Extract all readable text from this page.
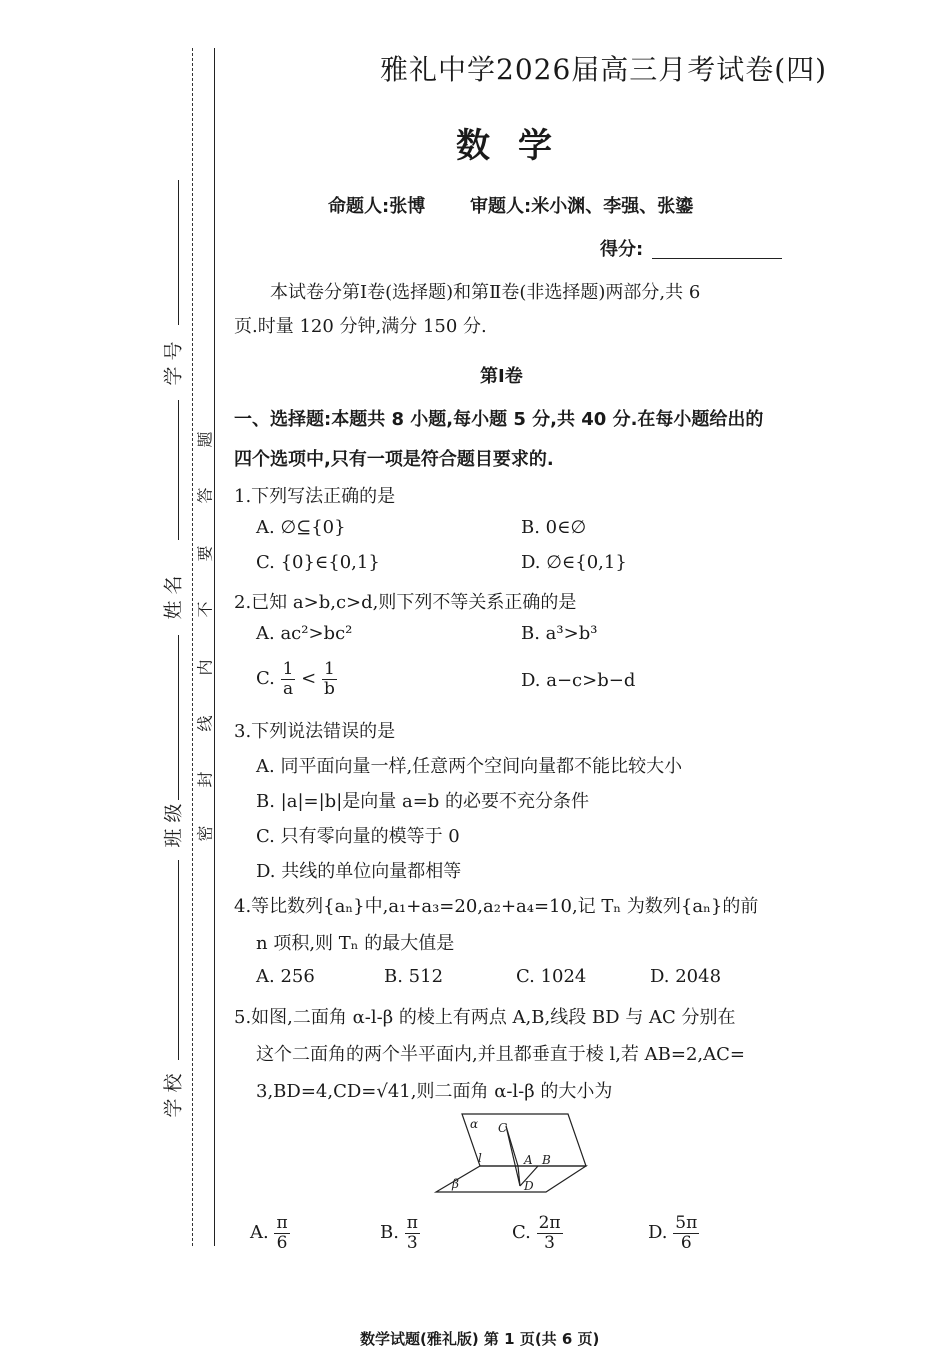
学 号
姓 名
班 级
学 校
密
封
线
内
不
要
答
题
雅礼中学2026届高三月考试卷(四)
数学
命题人:张博 审题人:米小渊、李强、张鎏
得分:
本试卷分第Ⅰ卷(选择题)和第Ⅱ卷(非选择题)两部分,共 6
页.时量 120 分钟,满分 150 分.
第Ⅰ卷
一、选择题:本题共 8 小题,每小题 5 分,共 40 分.在每小题给出的
四个选项中,只有一项是符合题目要求的.
1.下列写法正确的是
A. ∅⊆{0}	B. 0∈∅
C. {0}∈{0,1}	D. ∅∈{0,1}
2.已知 a>b,c>d,则下列不等关系正确的是
A. ac²>bc²	B. a³>b³
C. $\frac{1}{a} < \frac{1}{b}$	D. a−c>b−d
3.下列说法错误的是
A. 同平面向量一样,任意两个空间向量都不能比较大小
B. |a|=|b|是向量 a=b 的必要不充分条件
C. 只有零向量的模等于 0
D. 共线的单位向量都相等
4.等比数列{aₙ}中,a₁+a₃=20,a₂+a₄=10,记 Tₙ 为数列{aₙ}的前
n 项积,则 Tₙ 的最大值是
A. 256	B. 512	C. 1024	D. 2048
5.如图,二面角 α-l-β 的棱上有两点 A,B,线段 BD 与 AC 分别在
这个二面角的两个半平面内,并且都垂直于棱 l,若 AB=2,AC=
3,BD=4,CD=√41,则二面角 α-l-β 的大小为
α
β
l
C
A B
D
A. $\frac{\pi}{6}$	B. $\frac{\pi}{3}$	C. $\frac{2\pi}{3}$	D. $\frac{5\pi}{6}$
数学试题(雅礼版) 第 1 页(共 6 页)
